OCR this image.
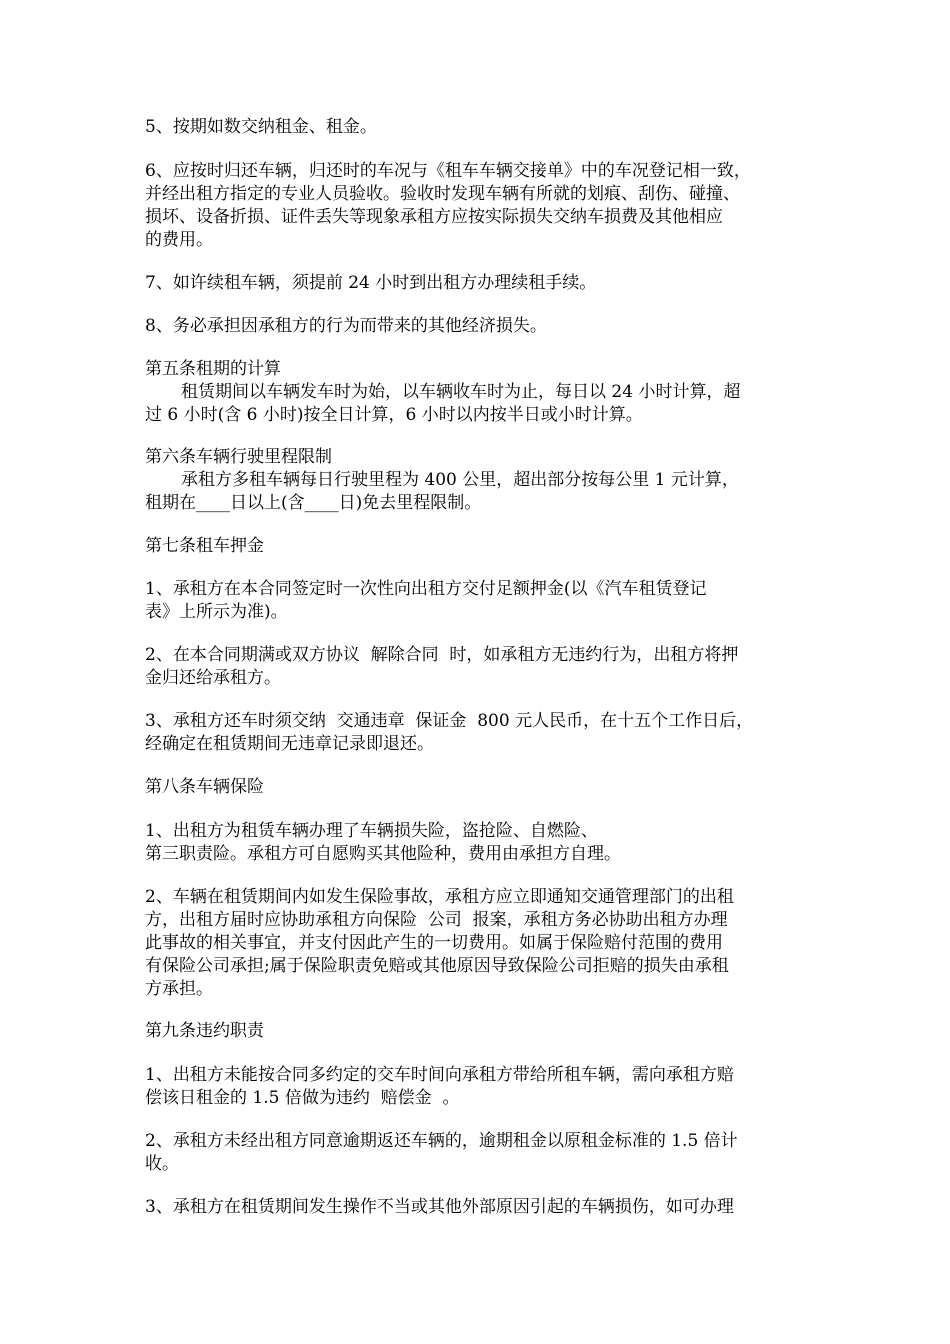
5、按期如数交纳租金、租金。
6、应按时归还车辆，归还时的车况与《租车车辆交接单》中的车况登记相一致，
并经出租方指定的专业人员验收。验收时发现车辆有所就的划痕、刮伤、碰撞、
损坏、设备折损、证件丢失等现象承租方应按实际损失交纳车损费及其他相应
的费用。
7、如许续租车辆，须提前 24 小时到出租方办理续租手续。
8、务必承担因承租方的行为而带来的其他经济损失。
第五条租期的计算
租赁期间以车辆发车时为始，以车辆收车时为止，每日以 24 小时计算，超
过 6 小时(含 6 小时)按全日计算，6 小时以内按半日或小时计算。
第六条车辆行驶里程限制
承租方多租车辆每日行驶里程为 400 公里，超出部分按每公里 1 元计算，
租期在____日以上(含____日)免去里程限制。
第七条租车押金
1、承租方在本合同签定时一次性向出租方交付足额押金(以《汽车租赁登记
表》上所示为准)。
2、在本合同期满或双方协议  解除合同  时，如承租方无违约行为，出租方将押
金归还给承租方。
3、承租方还车时须交纳  交通违章  保证金  800 元人民币，在十五个工作日后，
经确定在租赁期间无违章记录即退还。
第八条车辆保险
1、出租方为租赁车辆办理了车辆损失险，盗抢险、自燃险、
第三职责险。承租方可自愿购买其他险种，费用由承担方自理。
2、车辆在租赁期间内如发生保险事故，承租方应立即通知交通管理部门的出租
方，出租方届时应协助承租方向保险  公司  报案，承租方务必协助出租方办理
此事故的相关事宜，并支付因此产生的一切费用。如属于保险赔付范围的费用
有保险公司承担;属于保险职责免赔或其他原因导致保险公司拒赔的损失由承租
方承担。
第九条违约职责
1、出租方未能按合同多约定的交车时间向承租方带给所租车辆，需向承租方赔
偿该日租金的 1.5 倍做为违约  赔偿金  。
2、承租方未经出租方同意逾期返还车辆的，逾期租金以原租金标准的 1.5 倍计
收。
3、承租方在租赁期间发生操作不当或其他外部原因引起的车辆损伤，如可办理
